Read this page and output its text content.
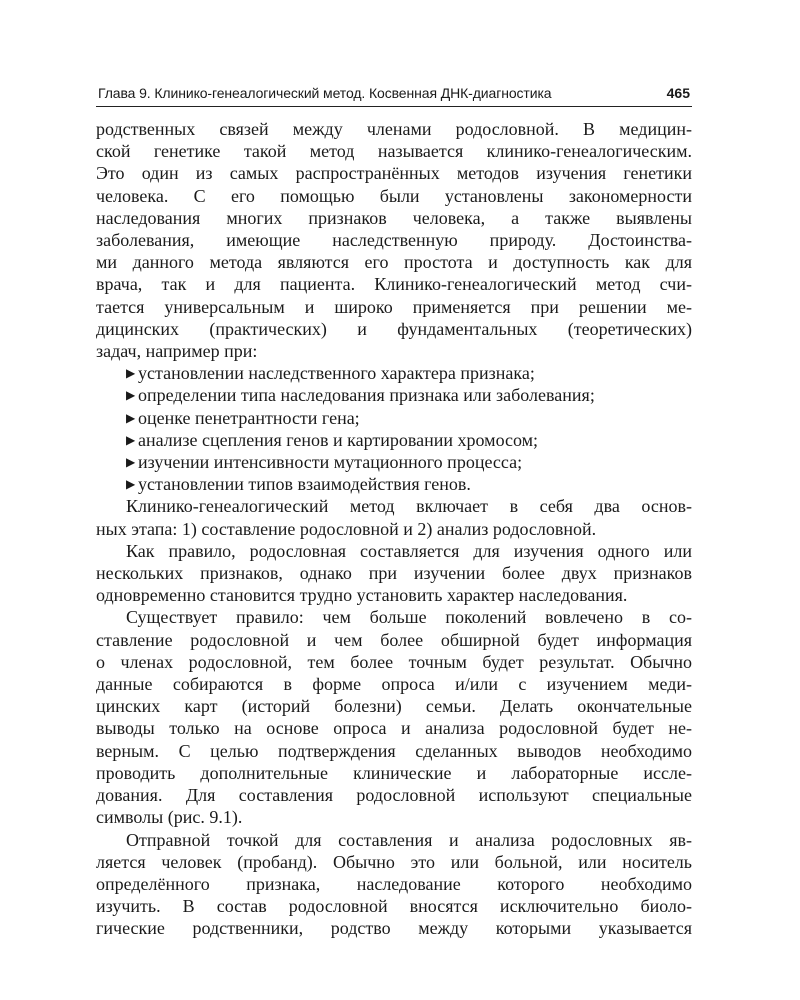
Глава 9. Клинико-генеалогический метод. Косвенная ДНК-диагностика	465

родственных связей между членами родословной. В медицин-
ской генетике такой метод называется клинико-генеалогическим.
Это один из самых распространённых методов изучения генетики
человека. С его помощью были установлены закономерности
наследования многих признаков человека, а также выявлены
заболевания, имеющие наследственную природу. Достоинства-
ми данного метода являются его простота и доступность как для
врача, так и для пациента. Клинико-генеалогический метод счи-
тается универсальным и широко применяется при решении ме-
дицинских (практических) и фундаментальных (теоретических)
задач, например при:

▶ установлении наследственного характера признака;
▶ определении типа наследования признака или заболевания;
▶ оценке пенетрантности гена;
▶ анализе сцепления генов и картировании хромосом;
▶ изучении интенсивности мутационного процесса;
▶ установлении типов взаимодействия генов.

Клинико-генеалогический метод включает в себя два основ-
ных этапа: 1) составление родословной и 2) анализ родословной.

Как правило, родословная составляется для изучения одного или
нескольких признаков, однако при изучении более двух признаков
одновременно становится трудно установить характер наследования.

Существует правило: чем больше поколений вовлечено в со-
ставление родословной и чем более обширной будет информация
о членах родословной, тем более точным будет результат. Обычно
данные собираются в форме опроса и/или с изучением меди-
цинских карт (историй болезни) семьи. Делать окончательные
выводы только на основе опроса и анализа родословной будет не-
верным. С целью подтверждения сделанных выводов необходимо
проводить дополнительные клинические и лабораторные иссле-
дования. Для составления родословной используют специальные
символы (рис. 9.1).

Отправной точкой для составления и анализа родословных яв-
ляется человек (пробанд). Обычно это или больной, или носитель
определённого признака, наследование которого необходимо
изучить. В состав родословной вносятся исключительно биоло-
гические родственники, родство между которыми указывается
